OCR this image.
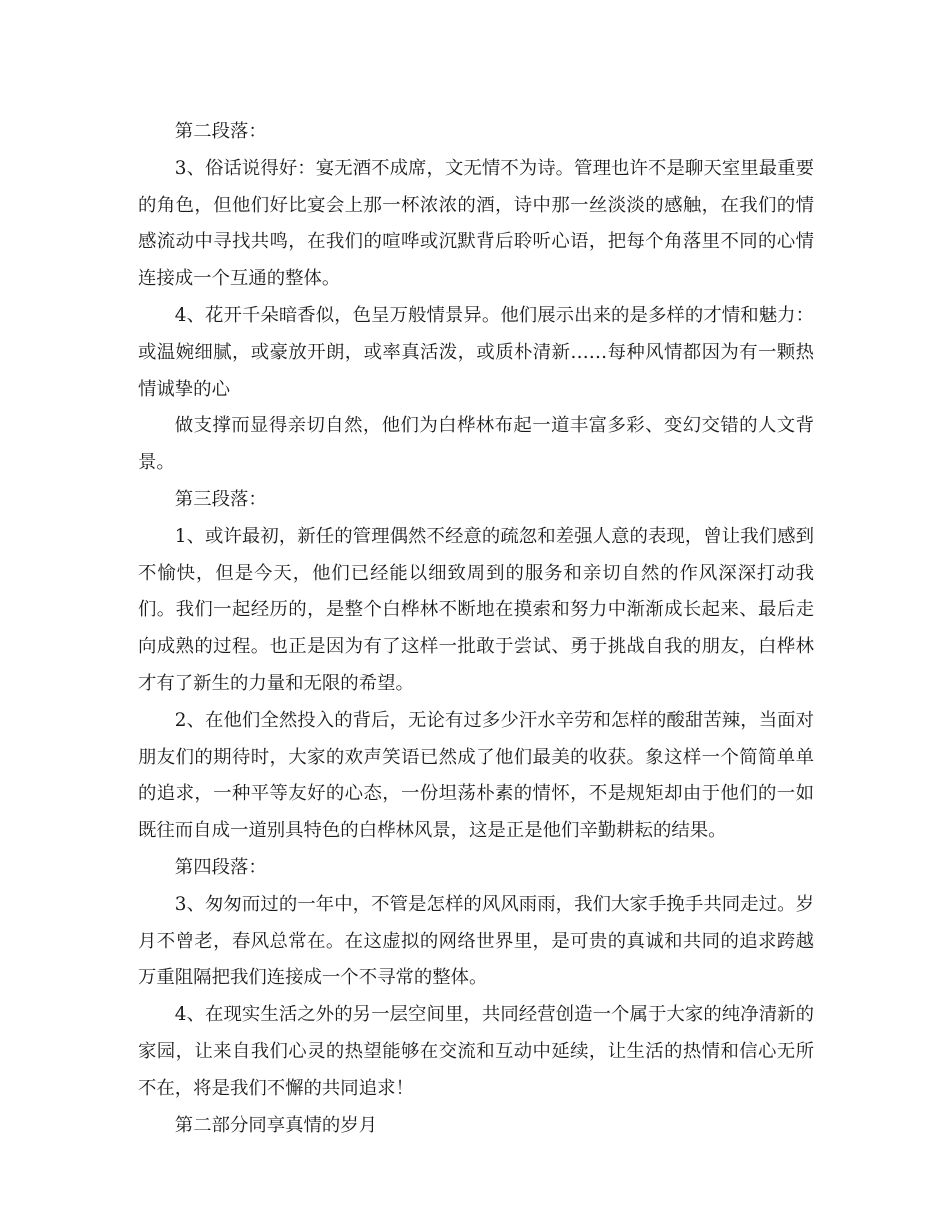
第二段落：

3、俗话说得好：宴无酒不成席，文无情不为诗。管理也许不是聊天室里最重要的角色，但他们好比宴会上那一杯浓浓的酒，诗中那一丝淡淡的感触，在我们的情感流动中寻找共鸣，在我们的喧哗或沉默背后聆听心语，把每个角落里不同的心情连接成一个互通的整体。

4、花开千朵暗香似，色呈万般情景异。他们展示出来的是多样的才情和魅力：或温婉细腻，或豪放开朗，或率真活泼，或质朴清新……每种风情都因为有一颗热情诚挚的心

做支撑而显得亲切自然，他们为白桦林布起一道丰富多彩、变幻交错的人文背景。

第三段落：

1、或许最初，新任的管理偶然不经意的疏忽和差强人意的表现，曾让我们感到不愉快，但是今天，他们已经能以细致周到的服务和亲切自然的作风深深打动我们。我们一起经历的，是整个白桦林不断地在摸索和努力中渐渐成长起来、最后走向成熟的过程。也正是因为有了这样一批敢于尝试、勇于挑战自我的朋友，白桦林才有了新生的力量和无限的希望。

2、在他们全然投入的背后，无论有过多少汗水辛劳和怎样的酸甜苦辣，当面对朋友们的期待时，大家的欢声笑语已然成了他们最美的收获。象这样一个简简单单的追求，一种平等友好的心态，一份坦荡朴素的情怀，不是规矩却由于他们的一如既往而自成一道别具特色的白桦林风景，这是正是他们辛勤耕耘的结果。

第四段落：

3、匆匆而过的一年中，不管是怎样的风风雨雨，我们大家手挽手共同走过。岁月不曾老，春风总常在。在这虚拟的网络世界里，是可贵的真诚和共同的追求跨越万重阻隔把我们连接成一个不寻常的整体。

4、在现实生活之外的另一层空间里，共同经营创造一个属于大家的纯净清新的家园，让来自我们心灵的热望能够在交流和互动中延续，让生活的热情和信心无所不在，将是我们不懈的共同追求！

第二部分同享真情的岁月
